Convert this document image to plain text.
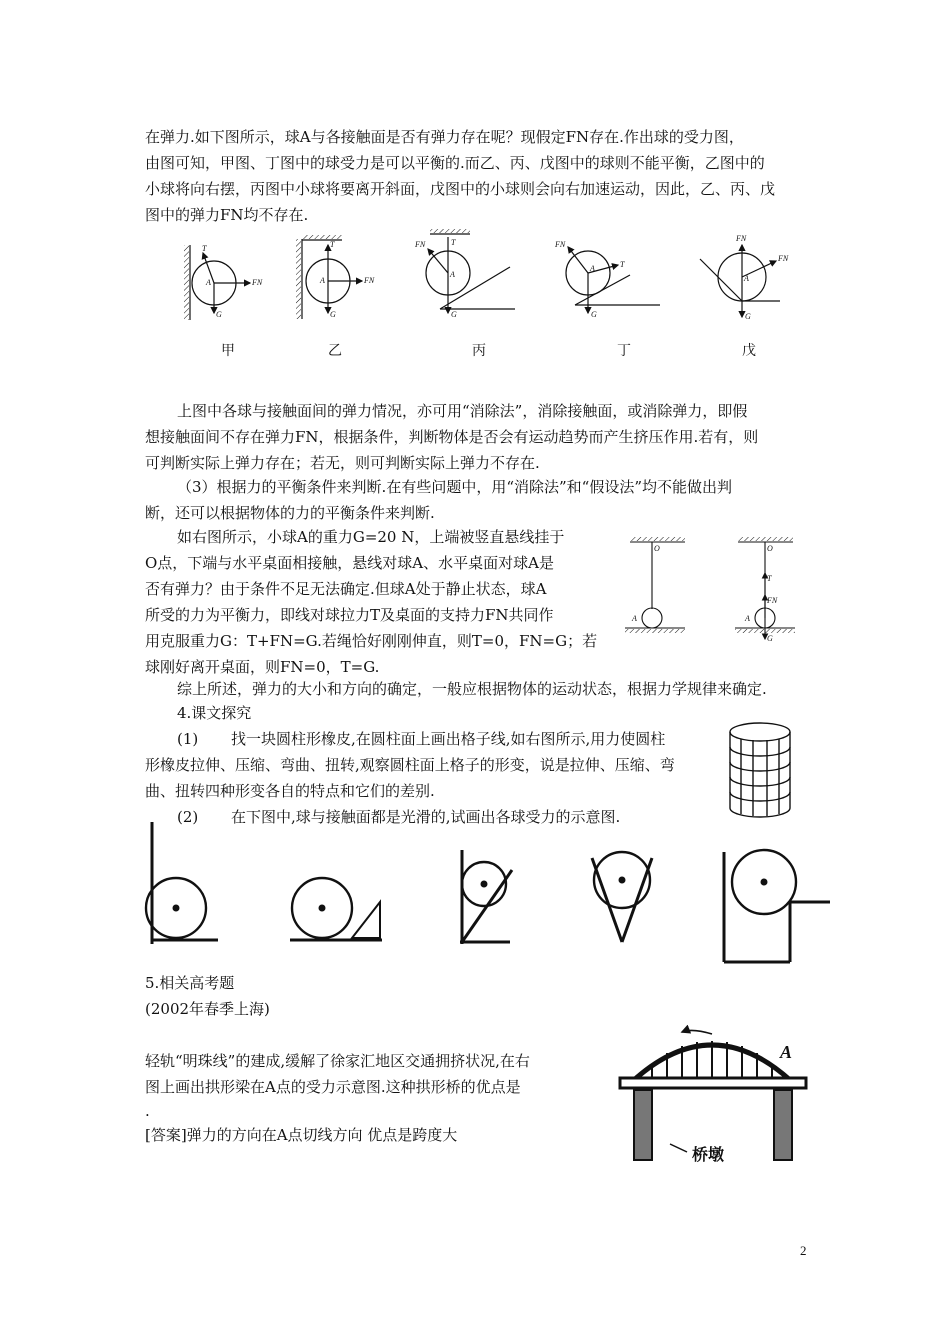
在弹力.如下图所示，球A与各接触面是否有弹力存在呢？现假定FN存在.作出球的受力图，
由图可知，甲图、丁图中的球受力是可以平衡的.而乙、丙、戊图中的球则不能平衡，乙图中的
小球将向右摆，丙图中小球将要离开斜面，戊图中的小球则会向右加速运动，因此，乙、丙、戊
图中的弹力FN均不存在.
T
FN
G
A
T
FN
G
A
T
FN
G
A
FN
T
G
A
FN
FN
G
A
甲	乙	丙	丁	戊
上图中各球与接触面间的弹力情况，亦可用“消除法”，消除接触面，或消除弹力，即假
想接触面间不存在弹力FN，根据条件，判断物体是否会有运动趋势而产生挤压作用.若有，则
可判断实际上弹力存在；若无，则可判断实际上弹力不存在.
（3）根据力的平衡条件来判断.在有些问题中，用“消除法”和“假设法”均不能做出判
断，还可以根据物体的力的平衡条件来判断.
如右图所示，小球A的重力G=20 N，上端被竖直悬线挂于
O点，下端与水平桌面相接触，悬线对球A、水平桌面对球A是
否有弹力？由于条件不足无法确定.但球A处于静止状态，球A
所受的力为平衡力，即线对球拉力T及桌面的支持力FN共同作
用克服重力G：T+FN=G.若绳恰好刚刚伸直，则T=0，FN=G；若
球刚好离开桌面，则FN=0，T=G.
O
A
O
T
FN
G
A
综上所述，弹力的大小和方向的确定，一般应根据物体的运动状态，根据力学规律来确定.
4.课文探究
(1) 找一块圆柱形橡皮,在圆柱面上画出格子线,如右图所示,用力使圆柱
形橡皮拉伸、压缩、弯曲、扭转,观察圆柱面上格子的形变，说是拉伸、压缩、弯
曲、扭转四种形变各自的特点和它们的差别.
(2) 在下图中,球与接触面都是光滑的,试画出各球受力的示意图.
5.相关高考题
(2002年春季上海)
轻轨“明珠线”的建成,缓解了徐家汇地区交通拥挤状况,在右
图上画出拱形梁在A点的受力示意图.这种拱形桥的优点是
.
[答案]弹力的方向在A点切线方向 优点是跨度大
A
桥墩
2
